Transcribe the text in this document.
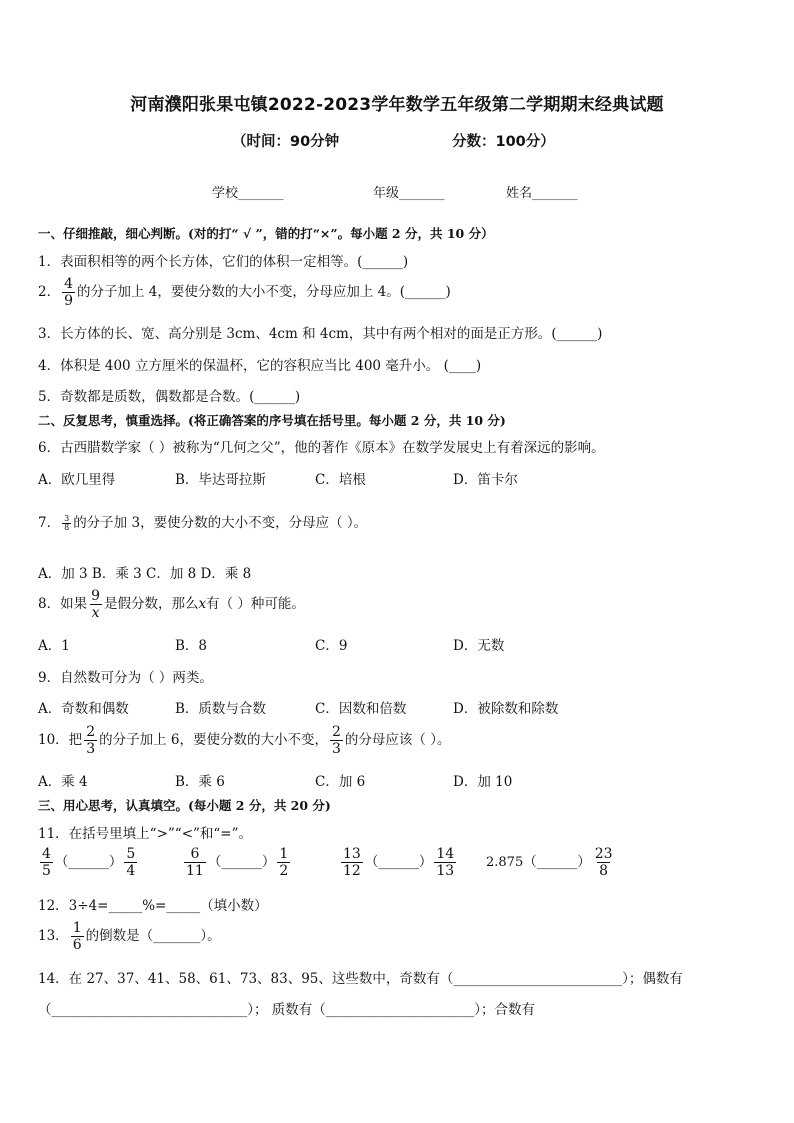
河南濮阳张果屯镇2022-2023学年数学五年级第二学期期末经典试题
（时间：90分钟	分数：100分）
学校_______	年级_______	姓名_______
一、仔细推敲，细心判断。(对的打“ √ ”，错的打“×”。每小题 2 分，共 10 分）
1．表面积相等的两个长方体，它们的体积一定相等。(______)
2． $\frac{4}{9}$ 的分子加上 4，要使分数的大小不变，分母应加上 4。(______)
3．长方体的长、宽、高分别是 3cm、4cm 和 4cm，其中有两个相对的面是正方形。(______)
4．体积是 400 立方厘米的保温杯，它的容积应当比 400 毫升小。 (____)
5．奇数都是质数，偶数都是合数。(______)
二、反复思考，慎重选择。(将正确答案的序号填在括号里。每小题 2 分，共 10 分)
6．古西腊数学家（ ）被称为“几何之父”，他的著作《原本》在数学发展史上有着深远的影响。
A．欧几里得	B．毕达哥拉斯	C．培根	D．笛卡尔
7． $\frac{3}{8}$ 的分子加 3，要使分数的大小不变，分母应（ ）。
A．加 3 B．乘 3 C．加 8 D．乘 8
8．如果 $\frac{9}{x}$ 是假分数，那么x有（ ）种可能。
A．1	B．8	C．9	D．无数
9．自然数可分为（ ）两类。
A．奇数和偶数	B．质数与合数	C．因数和倍数	D．被除数和除数
10．把 $\frac{2}{3}$ 的分子加上 6，要使分数的大小不变， $\frac{2}{3}$ 的分母应该（ ）。
A．乘 4	B．乘 6	C．加 6	D．加 10
三、用心思考，认真填空。(每小题 2 分，共 20 分)
11．在括号里填上“>”“<”和“=”。
$\frac{4}{5}$ （______） $\frac{5}{4}$	$\frac{6}{11}$ （______） $\frac{1}{2}$	$\frac{13}{12}$ （______） $\frac{14}{13}$ 2.875（______） $\frac{23}{8}$
12．3÷4=_____%=_____（填小数）
13． $\frac{1}{6}$ 的倒数是（_______）。
14．在 27、37、41、58、61、73、83、95、这些数中，奇数有（_________________________）；偶数有
（_____________________________）； 质数有（______________________）；合数有
